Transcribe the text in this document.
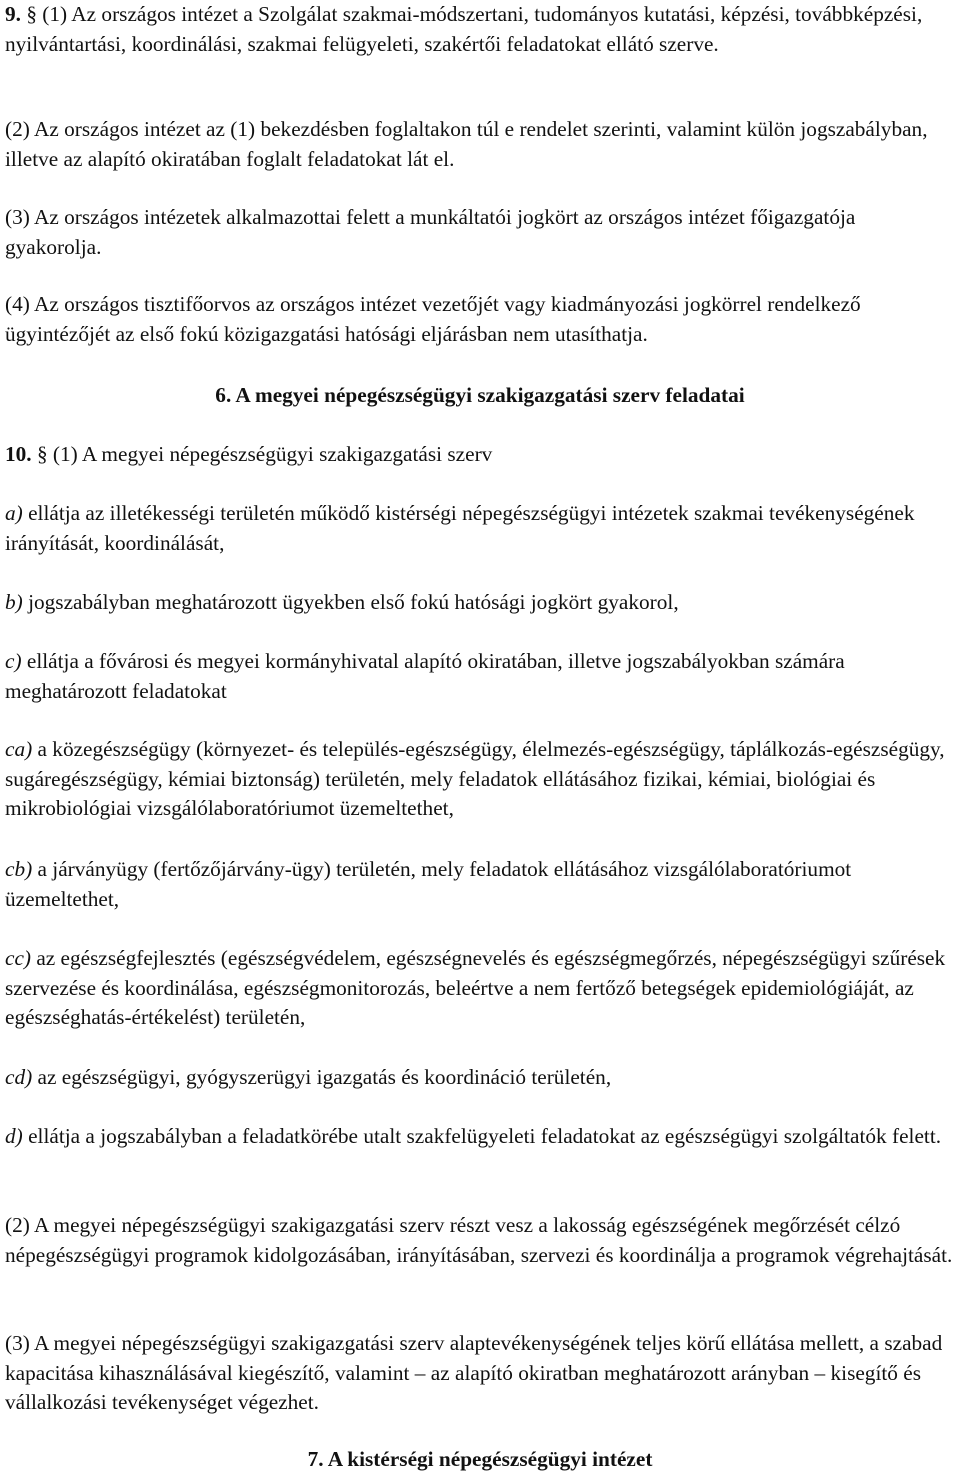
9. § (1) Az országos intézet a Szolgálat szakmai-módszertani, tudományos kutatási, képzési, továbbképzési, nyilvántartási, koordinálási, szakmai felügyeleti, szakértői feladatokat ellátó szerve.

(2) Az országos intézet az (1) bekezdésben foglaltakon túl e rendelet szerinti, valamint külön jogszabályban, illetve az alapító okiratában foglalt feladatokat lát el.

(3) Az országos intézetek alkalmazottai felett a munkáltatói jogkört az országos intézet főigazgatója gyakorolja.

(4) Az országos tisztifőorvos az országos intézet vezetőjét vagy kiadmányozási jogkörrel rendelkező ügyintézőjét az első fokú közigazgatási hatósági eljárásban nem utasíthatja.

6. A megyei népegészségügyi szakigazgatási szerv feladatai

10. § (1) A megyei népegészségügyi szakigazgatási szerv

a) ellátja az illetékességi területén működő kistérségi népegészségügyi intézetek szakmai tevékenységének irányítását, koordinálását,

b) jogszabályban meghatározott ügyekben első fokú hatósági jogkört gyakorol,

c) ellátja a fővárosi és megyei kormányhivatal alapító okiratában, illetve jogszabályokban számára meghatározott feladatokat

ca) a közegészségügy (környezet- és település-egészségügy, élelmezés-egészségügy, táplálkozás-egészségügy, sugáregészségügy, kémiai biztonság) területén, mely feladatok ellátásához fizikai, kémiai, biológiai és mikrobiológiai vizsgálólaboratóriumot üzemeltethet,

cb) a járványügy (fertőzőjárvány-ügy) területén, mely feladatok ellátásához vizsgálólaboratóriumot üzemeltethet,

cc) az egészségfejlesztés (egészségvédelem, egészségnevelés és egészségmegőrzés, népegészségügyi szűrések szervezése és koordinálása, egészségmonitorozás, beleértve a nem fertőző betegségek epidemiológiáját, az egészséghatás-értékelést) területén,

cd) az egészségügyi, gyógyszerügyi igazgatás és koordináció területén,

d) ellátja a jogszabályban a feladatkörébe utalt szakfelügyeleti feladatokat az egészségügyi szolgáltatók felett.

(2) A megyei népegészségügyi szakigazgatási szerv részt vesz a lakosság egészségének megőrzését célzó népegészségügyi programok kidolgozásában, irányításában, szervezi és koordinálja a programok végrehajtását.

(3) A megyei népegészségügyi szakigazgatási szerv alaptevékenységének teljes körű ellátása mellett, a szabad kapacitása kihasználásával kiegészítő, valamint – az alapító okiratban meghatározott arányban – kisegítő és vállalkozási tevékenységet végezhet.

7. A kistérségi népegészségügyi intézet
